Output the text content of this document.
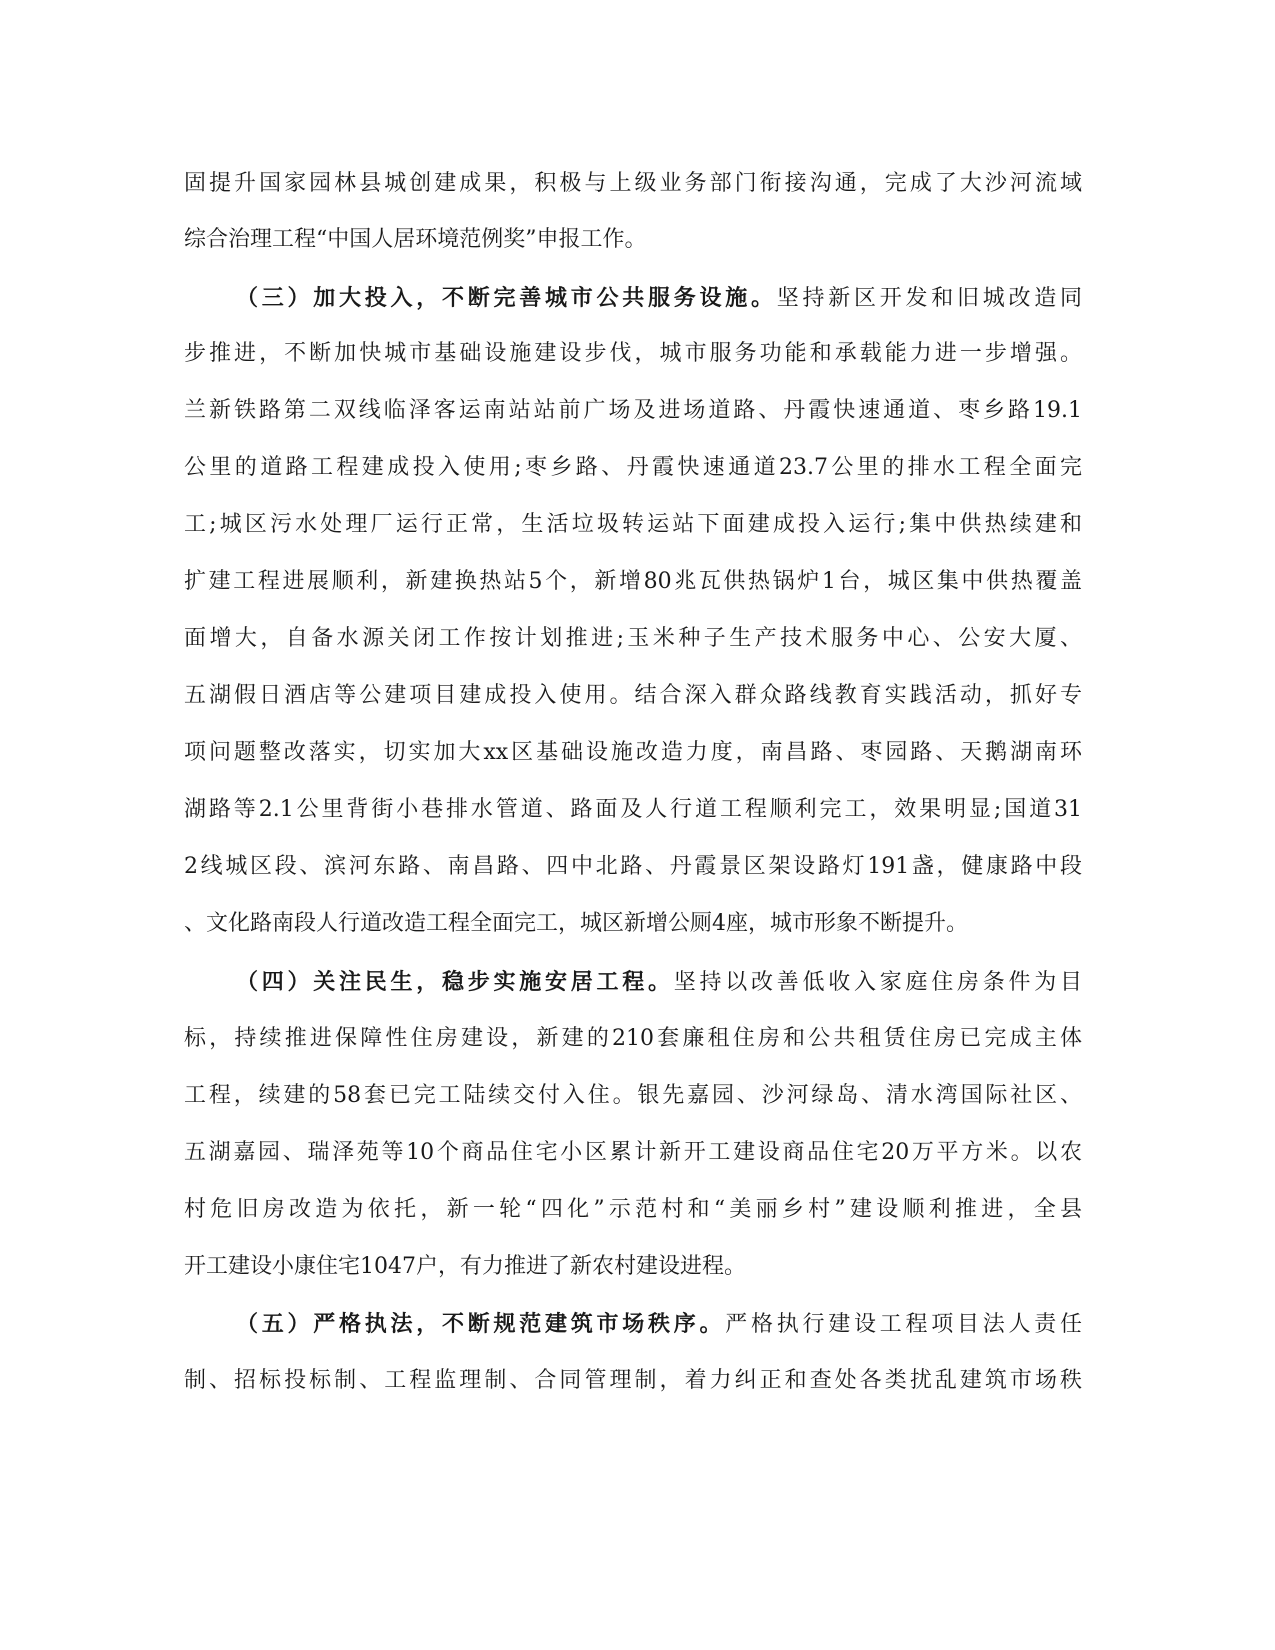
固提升国家园林县城创建成果，积极与上级业务部门衔接沟通，完成了大沙河流域
综合治理工程“中国人居环境范例奖”申报工作。
（三）加大投入，不断完善城市公共服务设施。坚持新区开发和旧城改造同
步推进，不断加快城市基础设施建设步伐，城市服务功能和承载能力进一步增强。
兰新铁路第二双线临泽客运南站站前广场及进场道路、丹霞快速通道、枣乡路19.1
公里的道路工程建成投入使用;枣乡路、丹霞快速通道23.7公里的排水工程全面完
工;城区污水处理厂运行正常，生活垃圾转运站下面建成投入运行;集中供热续建和
扩建工程进展顺利，新建换热站5个，新增80兆瓦供热锅炉1台，城区集中供热覆盖
面增大，自备水源关闭工作按计划推进;玉米种子生产技术服务中心、公安大厦、
五湖假日酒店等公建项目建成投入使用。结合深入群众路线教育实践活动，抓好专
项问题整改落实，切实加大xx区基础设施改造力度，南昌路、枣园路、天鹅湖南环
湖路等2.1公里背街小巷排水管道、路面及人行道工程顺利完工，效果明显;国道31
2线城区段、滨河东路、南昌路、四中北路、丹霞景区架设路灯191盏，健康路中段
、文化路南段人行道改造工程全面完工，城区新增公厕4座，城市形象不断提升。
（四）关注民生，稳步实施安居工程。坚持以改善低收入家庭住房条件为目
标，持续推进保障性住房建设，新建的210套廉租住房和公共租赁住房已完成主体
工程，续建的58套已完工陆续交付入住。银先嘉园、沙河绿岛、清水湾国际社区、
五湖嘉园、瑞泽苑等10个商品住宅小区累计新开工建设商品住宅20万平方米。以农
村危旧房改造为依托，新一轮“四化”示范村和“美丽乡村”建设顺利推进，全县
开工建设小康住宅1047户，有力推进了新农村建设进程。
（五）严格执法，不断规范建筑市场秩序。严格执行建设工程项目法人责任
制、招标投标制、工程监理制、合同管理制，着力纠正和查处各类扰乱建筑市场秩
